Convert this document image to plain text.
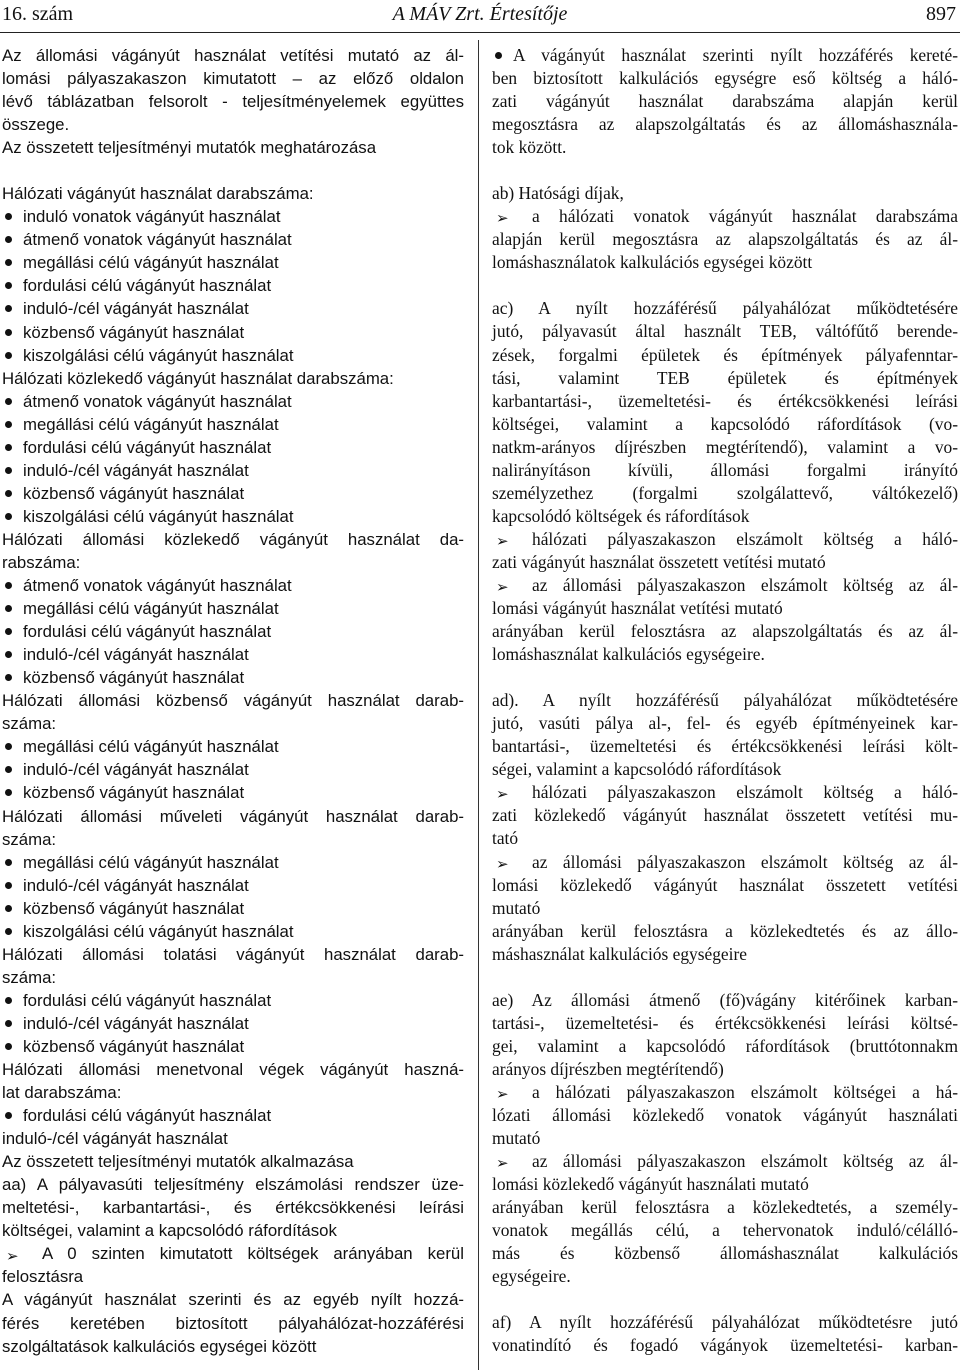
16. szám	A MÁV Zrt. Értesítője	897

Az állomási vágányút használat vetítési mutató az ál-

lomási pályaszakaszon kimutatott – az előző oldalon

lévő táblázatban felsorolt - teljesítményelemek együttes

összege.

Az összetett teljesítményi mutatók meghatározása

Hálózati vágányút használat darabszáma:

induló vonatok vágányút használat

átmenő vonatok vágányút használat

megállási célú vágányút használat

fordulási célú vágányút használat

induló-/cél vágányát használat

közbenső vágányút használat

kiszolgálási célú vágányút használat

Hálózati közlekedő vágányút használat darabszáma:

átmenő vonatok vágányút használat

megállási célú vágányút használat

fordulási célú vágányút használat

induló-/cél vágányát használat

közbenső vágányút használat

kiszolgálási célú vágányút használat

Hálózati állomási közlekedő vágányút használat da-

rabszáma:

átmenő vonatok vágányút használat

megállási célú vágányút használat

fordulási célú vágányút használat

induló-/cél vágányát használat

közbenső vágányút használat

Hálózati állomási közbenső vágányút használat darab-

száma:

megállási célú vágányút használat

induló-/cél vágányát használat

közbenső vágányút használat

Hálózati állomási műveleti vágányút használat darab-

száma:

megállási célú vágányút használat

induló-/cél vágányát használat

közbenső vágányút használat

kiszolgálási célú vágányút használat

Hálózati állomási tolatási vágányút használat darab-

száma:

fordulási célú vágányút használat

induló-/cél vágányát használat

közbenső vágányút használat

Hálózati állomási menetvonal végek vágányút haszná-

lat darabszáma:

fordulási célú vágányút használat

induló-/cél vágányát használat

Az összetett teljesítményi mutatók alkalmazása

aa) A pályavasúti teljesítmény elszámolási rendszer üze-

meltetési-, karbantartási-, és értékcsökkenési leírási

költségei, valamint a kapcsolódó ráfordítások

➢ A 0 szinten kimutatott költségek arányában kerül

felosztásra

A vágányút használat szerinti és az egyéb nyílt hozzá-

férés keretében biztosított pályahálózat-hozzáférési

szolgáltatások kalkulációs egységei között

A vágányút használat szerinti nyílt hozzáférés kereté-

ben biztosított kalkulációs egységre eső költség a háló-

zati vágányút használat darabszáma alapján kerül

megosztásra az alapszolgáltatás és az állomáshasznála-

tok között.

ab) Hatósági díjak,

➢ a hálózati vonatok vágányút használat darabszáma

alapján kerül megosztásra az alapszolgáltatás és az ál-

lomáshasználatok kalkulációs egységei között

ac) A nyílt hozzáférésű pályahálózat működtetésére

jutó, pályavasút által használt TEB, váltófűtő berende-

zések, forgalmi épületek és építmények pályafenntar-

tási, valamint TEB épületek és építmények

karbantartási-, üzemeltetési- és értékcsökkenési leírási

költségei, valamint a kapcsolódó ráfordítások (vo-

natkm-arányos díjrészben megtérítendő), valamint a vo-

nalirányításon kívüli, állomási forgalmi irányító

személyzethez (forgalmi szolgálattevő, váltókezelő)

kapcsolódó költségek és ráfordítások

➢ hálózati pályaszakaszon elszámolt költség a háló-

zati vágányút használat összetett vetítési mutató

➢ az állomási pályaszakaszon elszámolt költség az ál-

lomási vágányút használat vetítési mutató

arányában kerül felosztásra az alapszolgáltatás és az ál-

lomáshasználat kalkulációs egységeire.

ad). A nyílt hozzáférésű pályahálózat működtetésére

jutó, vasúti pálya al-, fel- és egyéb építményeinek kar-

bantartási-, üzemeltetési és értékcsökkenési leírási költ-

ségei, valamint a kapcsolódó ráfordítások

➢ hálózati pályaszakaszon elszámolt költség a háló-

zati közlekedő vágányút használat összetett vetítési mu-

tató

➢ az állomási pályaszakaszon elszámolt költség az ál-

lomási közlekedő vágányút használat összetett vetítési

mutató

arányában kerül felosztásra a közlekedtetés és az állo-

máshasználat kalkulációs egységeire

ae) Az állomási átmenő (fő)vágány kitérőinek karban-

tartási-, üzemeltetési- és értékcsökkenési leírási költsé-

gei, valamint a kapcsolódó ráfordítások (bruttótonnakm

arányos díjrészben megtérítendő)

➢ a hálózati pályaszakaszon elszámolt költségei a há-

lózati állomási közlekedő vonatok vágányút használati

mutató

➢ az állomási pályaszakaszon elszámolt költség az ál-

lomási közlekedő vágányút használati mutató

arányában kerül felosztásra a közlekedtetés, a személy-

vonatok megállás célú, a tehervonatok induló/célálló-

más és közbenső állomáshasználat kalkulációs

egységeire.

af) A nyílt hozzáférésű pályahálózat működtetésre jutó

vonatindító és fogadó vágányok üzemeltetési- karban-
